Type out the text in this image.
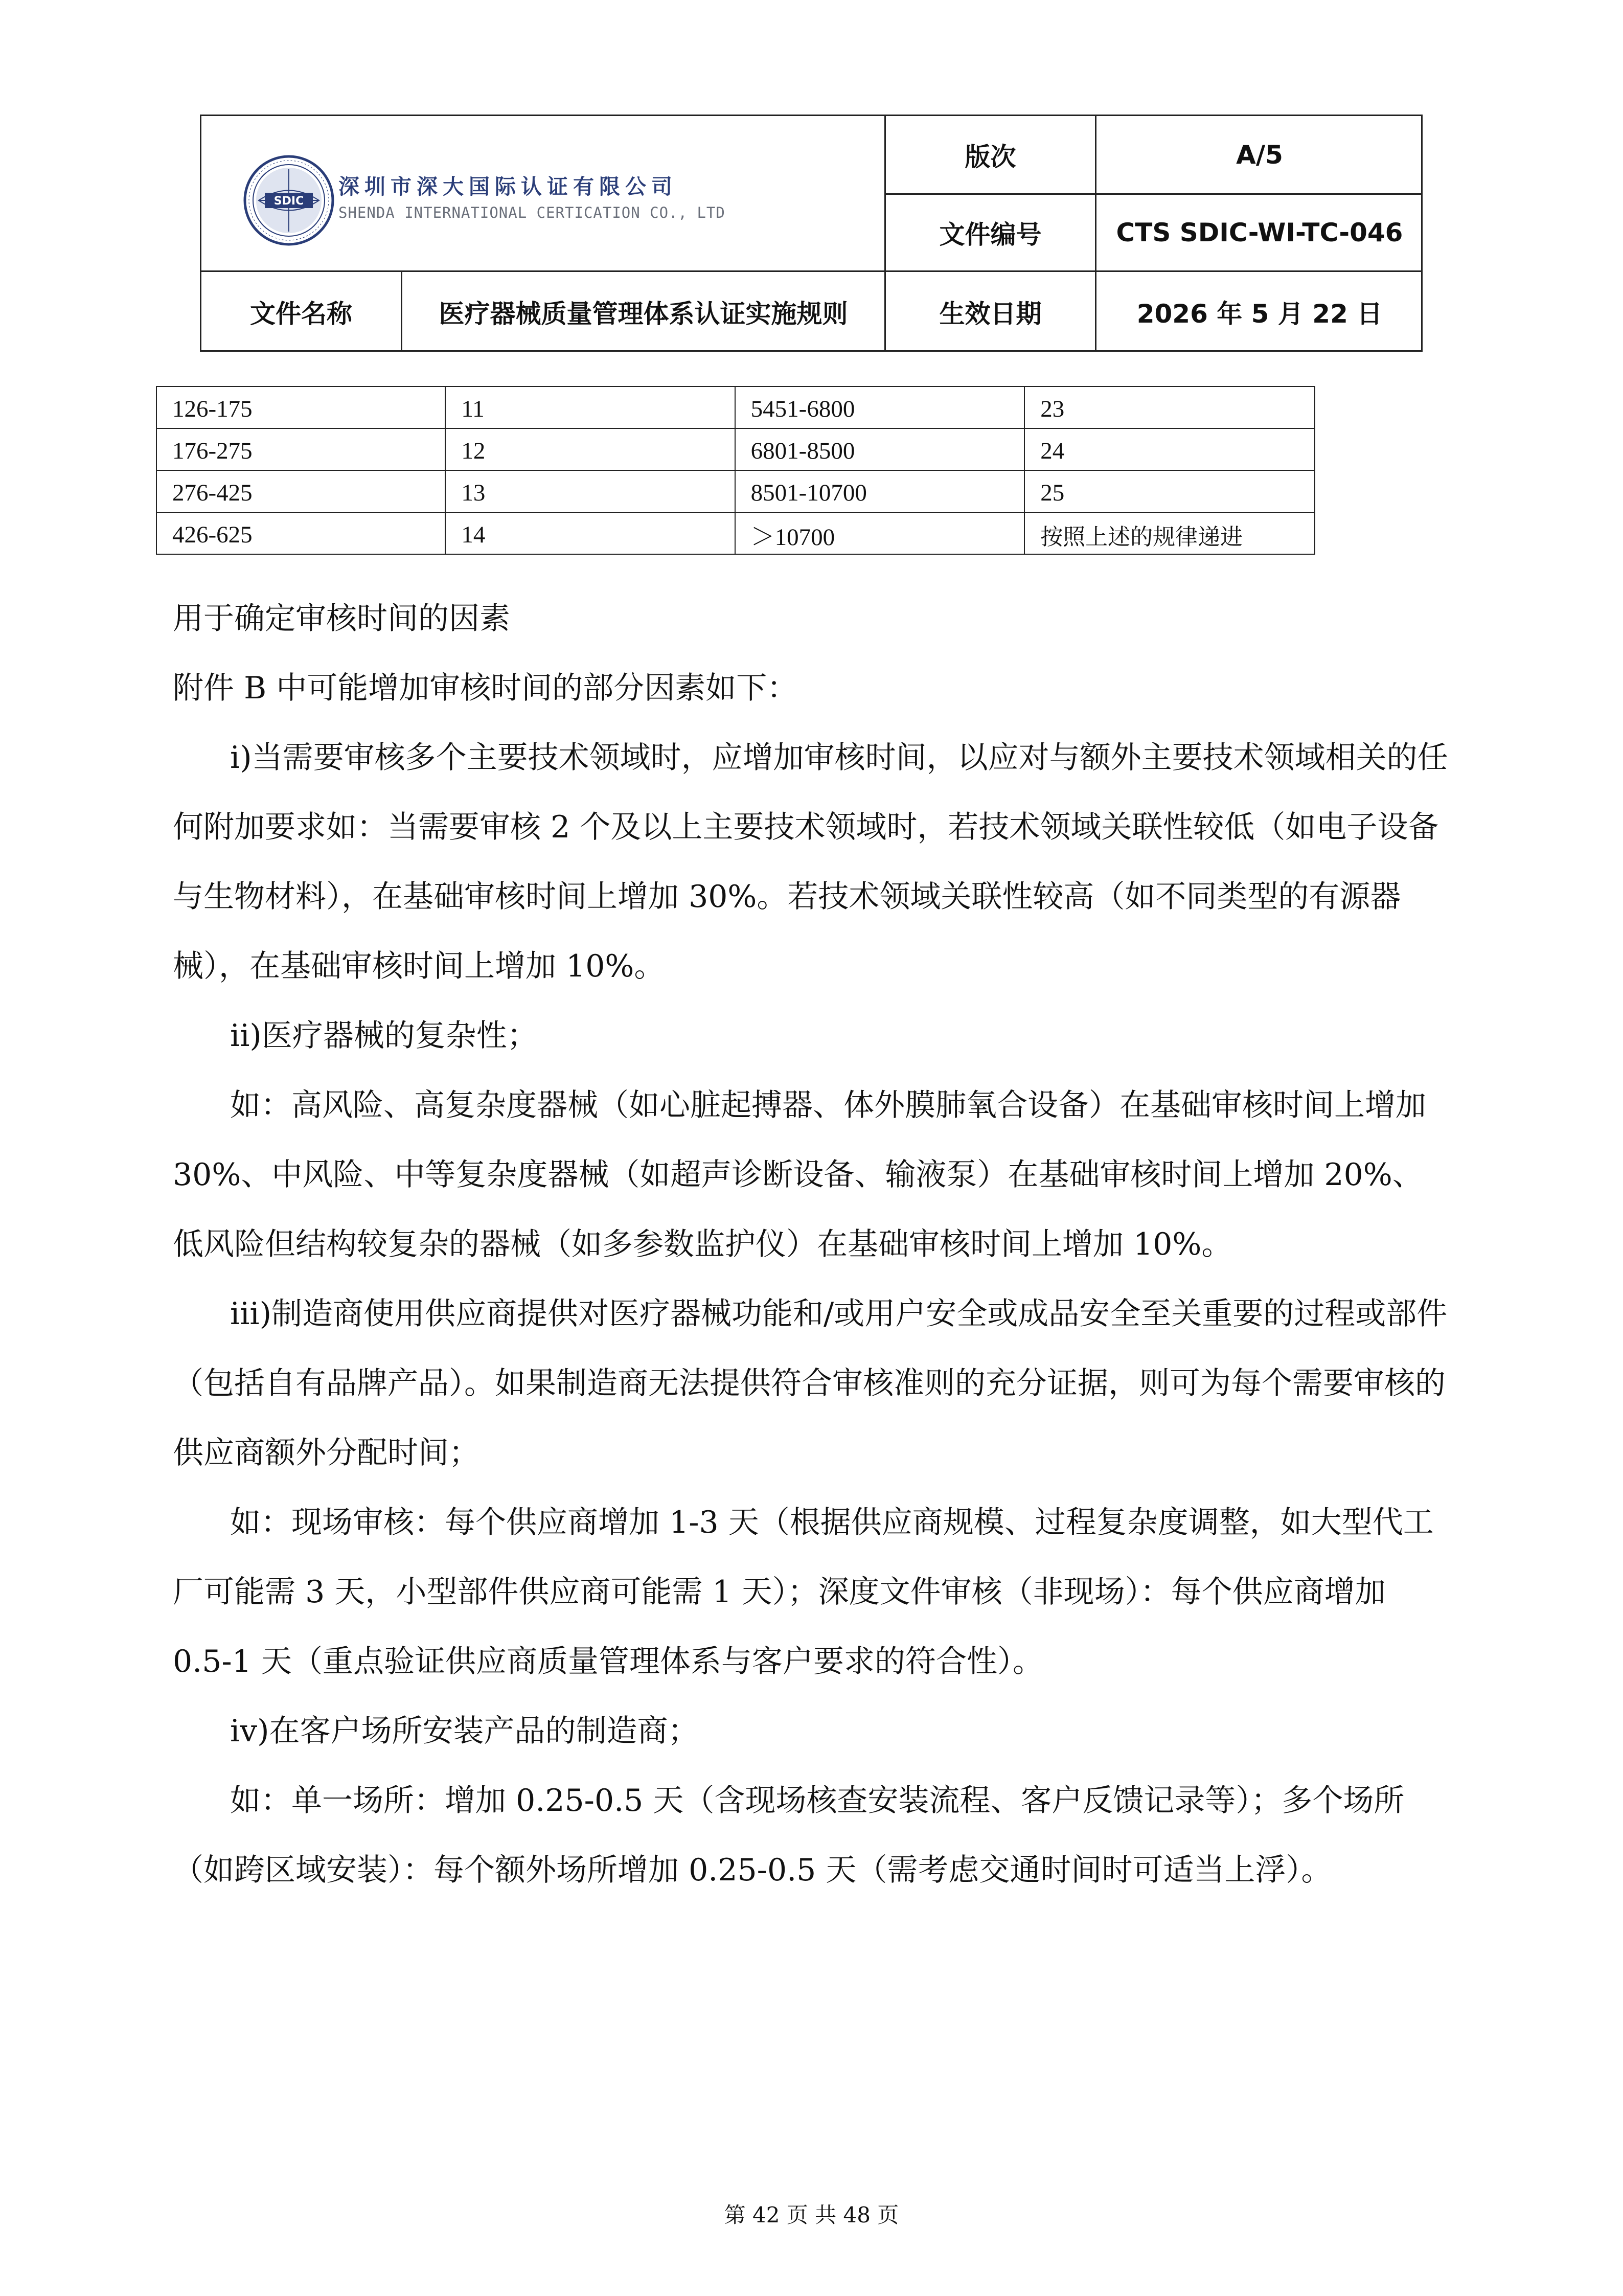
SDIC
深圳市深大国际认证有限公司
SHENDA INTERNATIONAL CERTICATION CO., LTD
版次	A/5
文件编号	CTS SDIC-WI-TC-046
文件名称	医疗器械质量管理体系认证实施规则	生效日期	2026 年 5 月 22 日
126-175	11	5451-6800	23
176-275	12	6801-8500	24
276-425	13	8501-10700	25
426-625	14	＞10700	按照上述的规律递进

用于确定审核时间的因素

附件 B 中可能增加审核时间的部分因素如下：

i)当需要审核多个主要技术领域时，应增加审核时间，以应对与额外主要技术领域相关的任何附加要求如：当需要审核 2 个及以上主要技术领域时，若技术领域关联性较低（如电子设备与生物材料），在基础审核时间上增加 30%。若技术领域关联性较高（如不同类型的有源器械），在基础审核时间上增加 10%。

ii)医疗器械的复杂性；

如：高风险、高复杂度器械（如心脏起搏器、体外膜肺氧合设备）在基础审核时间上增加 30%、中风险、中等复杂度器械（如超声诊断设备、输液泵）在基础审核时间上增加 20%、低风险但结构较复杂的器械（如多参数监护仪）在基础审核时间上增加 10%。

iii)制造商使用供应商提供对医疗器械功能和/或用户安全或成品安全至关重要的过程或部件（包括自有品牌产品）。如果制造商无法提供符合审核准则的充分证据，则可为每个需要审核的供应商额外分配时间；

如：现场审核：每个供应商增加 1-3 天（根据供应商规模、过程复杂度调整，如大型代工厂可能需 3 天，小型部件供应商可能需 1 天）；深度文件审核（非现场）：每个供应商增加 0.5-1 天（重点验证供应商质量管理体系与客户要求的符合性）。

iv)在客户场所安装产品的制造商；

如：单一场所：增加 0.25-0.5 天（含现场核查安装流程、客户反馈记录等）；多个场所（如跨区域安装）：每个额外场所增加 0.25-0.5 天（需考虑交通时间时可适当上浮）。

第 42 页 共 48 页
